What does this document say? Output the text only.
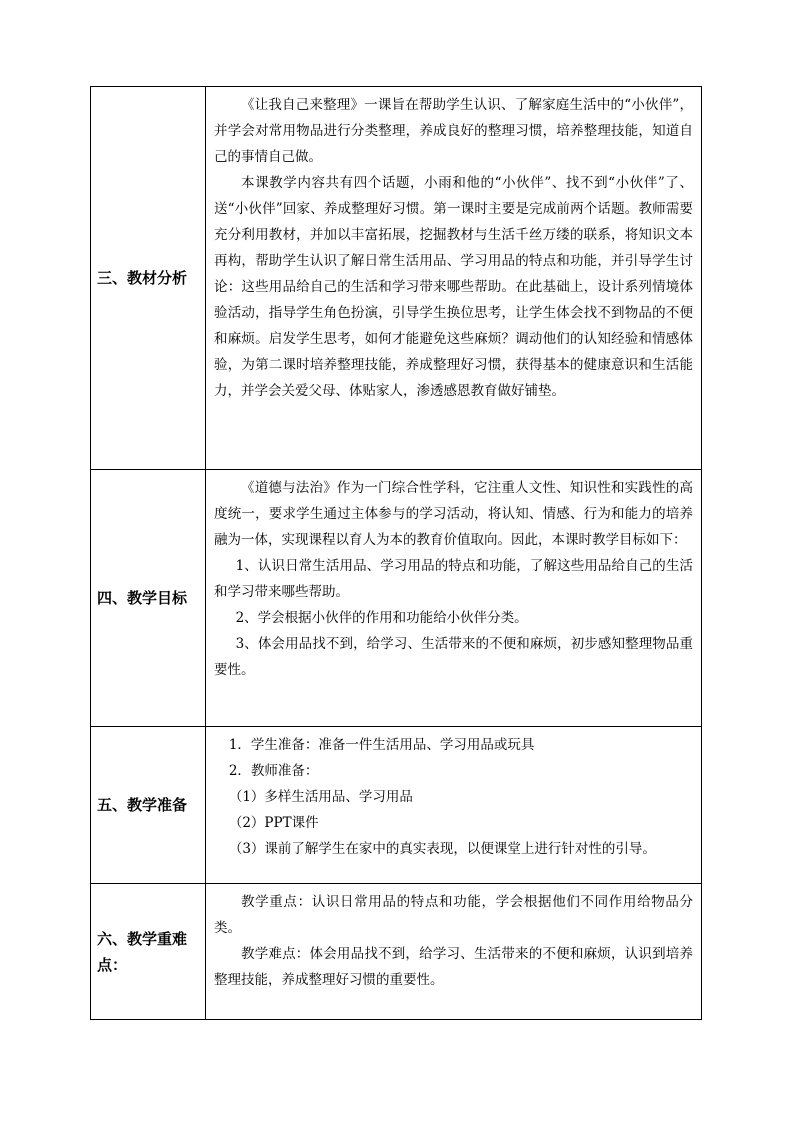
三、教材分析	《让我自己来整理》一课旨在帮助学生认识、了解家庭生活中的“小伙伴”，并学会对常用物品进行分类整理，养成良好的整理习惯，培养整理技能，知道自己的事情自己做。

本课教学内容共有四个话题，小雨和他的“小伙伴”、找不到“小伙伴”了、送“小伙伴”回家、养成整理好习惯。第一课时主要是完成前两个话题。教师需要充分利用教材，并加以丰富拓展，挖掘教材与生活千丝万缕的联系，将知识文本再构，帮助学生认识了解日常生活用品、学习用品的特点和功能，并引导学生讨论：这些用品给自己的生活和学习带来哪些帮助。在此基础上，设计系列情境体验活动，指导学生角色扮演，引导学生换位思考，让学生体会找不到物品的不便和麻烦。启发学生思考，如何才能避免这些麻烦？调动他们的认知经验和情感体验，为第二课时培养整理技能，养成整理好习惯，获得基本的健康意识和生活能力，并学会关爱父母、体贴家人，渗透感恩教育做好铺垫。

四、教学目标	《道德与法治》作为一门综合性学科，它注重人文性、知识性和实践性的高度统一，要求学生通过主体参与的学习活动，将认知、情感、行为和能力的培养融为一体，实现课程以育人为本的教育价值取向。因此，本课时教学目标如下：

1、认识日常生活用品、学习用品的特点和功能，了解这些用品给自己的生活和学习带来哪些帮助。

2、学会根据小伙伴的作用和功能给小伙伴分类。

3、体会用品找不到，给学习、生活带来的不便和麻烦，初步感知整理物品重要性。

五、教学准备	1．学生准备：准备一件生活用品、学习用品或玩具

2．教师准备：

（1）多样生活用品、学习用品

（2）PPT课件

（3）课前了解学生在家中的真实表现，以便课堂上进行针对性的引导。

六、教学重难点：	教学重点：认识日常用品的特点和功能，学会根据他们不同作用给物品分类。

教学难点：体会用品找不到，给学习、生活带来的不便和麻烦，认识到培养整理技能，养成整理好习惯的重要性。
